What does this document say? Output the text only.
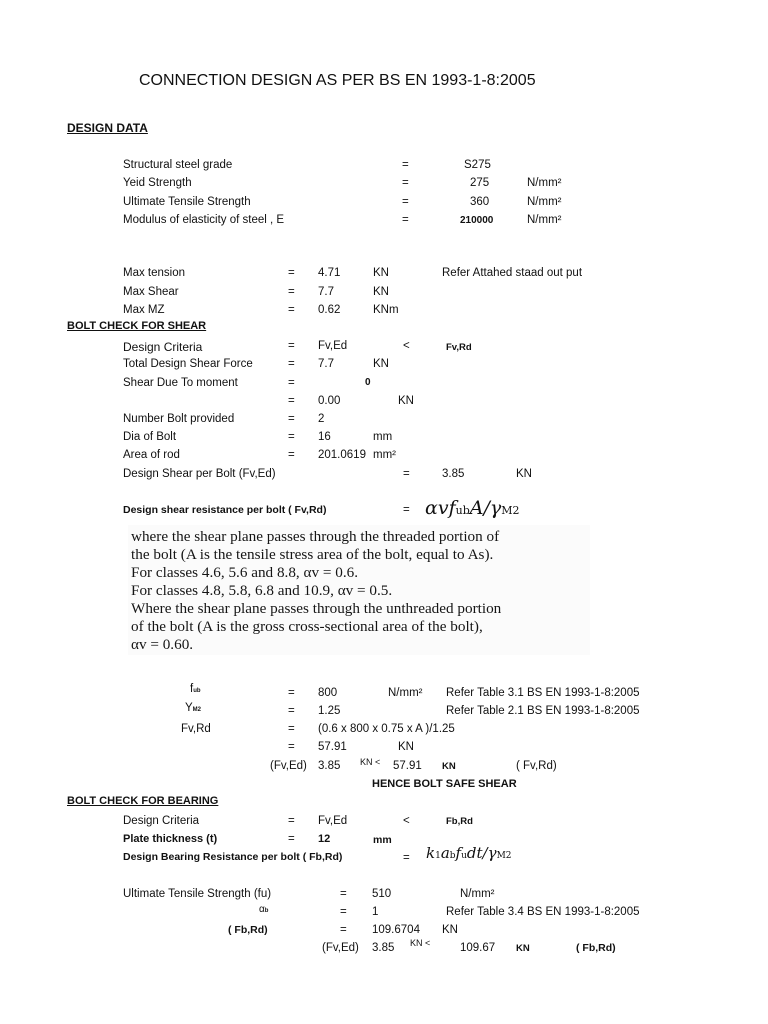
CONNECTION DESIGN AS PER BS EN 1993-1-8:2005
DESIGN DATA
Structural steel grade	=	S275
Yeid Strength	=	275	N/mm²
Ultimate Tensile Strength	=	360	N/mm²
Modulus of elasticity of steel , E	=	210000	N/mm²
Max tension	= 4.71	KN	Refer Attahed staad out put
Max Shear	= 7.7	KN
Max MZ	= 0.62	KNm
BOLT CHECK FOR SHEAR
Design Criteria	= Fv,Ed	<	Fv,Rd
Total Design Shear Force	= 7.7	KN
Shear Due To moment	=	0
= 0.00	KN
Number Bolt provided	= 2
Dia of Bolt	= 16	mm
Area of rod	= 201.0619 mm²
Design Shear per Bolt (Fv,Ed)	=	3.85	KN
Design shear resistance per bolt ( Fv,Rd)	= αvfubA/γM2
where the shear plane passes through the threaded portion of
the bolt (A is the tensile stress area of the bolt, equal to As).
For classes 4.6, 5.6 and 8.8, αv = 0.6.
For classes 4.8, 5.8, 6.8 and 10.9, αv = 0.5.
Where the shear plane passes through the unthreaded portion
of the bolt (A is the gross cross-sectional area of the bolt),
αv = 0.60.
fub	= 800	N/mm² Refer Table 3.1 BS EN 1993-1-8:2005
YM2	= 1.25	Refer Table 2.1 BS EN 1993-1-8:2005
Fv,Rd	= (0.6 x 800 x 0.75 x A )/1.25
= 57.91	KN
(Fv,Ed) 3.85 KN < 57.91 KN	( Fv,Rd)
HENCE BOLT SAFE SHEAR
BOLT CHECK FOR BEARING
Design Criteria	= Fv,Ed	<	Fb,Rd
Plate thickness (t)	= 12	mm
Design Bearing Resistance per bolt ( Fb,Rd)	= k1abfudt/γM2
Ultimate Tensile Strength (fu)	= 510	N/mm²
αb	= 1	Refer Table 3.4 BS EN 1993-1-8:2005
( Fb,Rd)	= 109.6704 KN
(Fv,Ed) 3.85 KN <	109.67 KN	( Fb,Rd)
